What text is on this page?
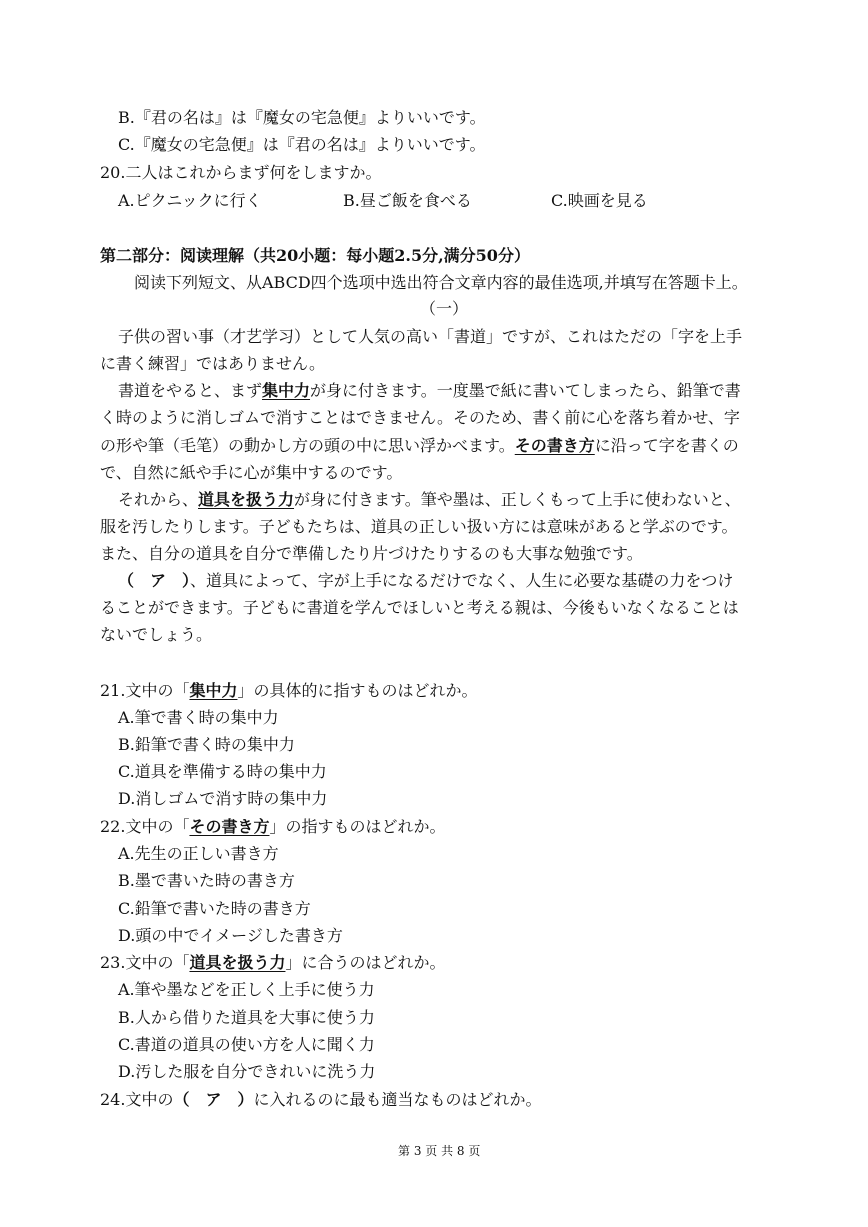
B.『君の名は』は『魔女の宅急便』よりいいです。
C.『魔女の宅急便』は『君の名は』よりいいです。
20.二人はこれからまず何をしますか。
A.ピクニックに行く	B.昼ご飯を食べる	C.映画を見る
第二部分：阅读理解（共20小题：每小题2.5分,满分50分）
阅读下列短文、从ABCD四个选项中选出符合文章内容的最佳选项,并填写在答题卡上。
（一）
子供の習い事（才艺学习）として人気の高い「書道」ですが、これはただの「字を上手
に書く練習」ではありません。
書道をやると、まず集中力が身に付きます。一度墨で紙に書いてしまったら、鉛筆で書
く時のように消しゴムで消すことはできません。そのため、書く前に心を落ち着かせ、字
の形や筆（毛笔）の動かし方の頭の中に思い浮かべます。その書き方に沿って字を書くの
で、自然に紙や手に心が集中するのです。
それから、道具を扱う力が身に付きます。筆や墨は、正しくもって上手に使わないと、
服を汚したりします。子どもたちは、道具の正しい扱い方には意味があると学ぶのです。
また、自分の道具を自分で準備したり片づけたりするのも大事な勉強です。
（　ア　）、道具によって、字が上手になるだけでなく、人生に必要な基礎の力をつけ
ることができます。子どもに書道を学んでほしいと考える親は、今後もいなくなることは
ないでしょう。
21.文中の「集中力」の具体的に指すものはどれか。
A.筆で書く時の集中力
B.鉛筆で書く時の集中力
C.道具を準備する時の集中力
D.消しゴムで消す時の集中力
22.文中の「その書き方」の指すものはどれか。
A.先生の正しい書き方
B.墨で書いた時の書き方
C.鉛筆で書いた時の書き方
D.頭の中でイメージした書き方
23.文中の「道具を扱う力」に合うのはどれか。
A.筆や墨などを正しく上手に使う力
B.人から借りた道具を大事に使う力
C.書道の道具の使い方を人に聞く力
D.汚した服を自分できれいに洗う力
24.文中の（　ア　）に入れるのに最も適当なものはどれか。
第 3 页 共 8 页
